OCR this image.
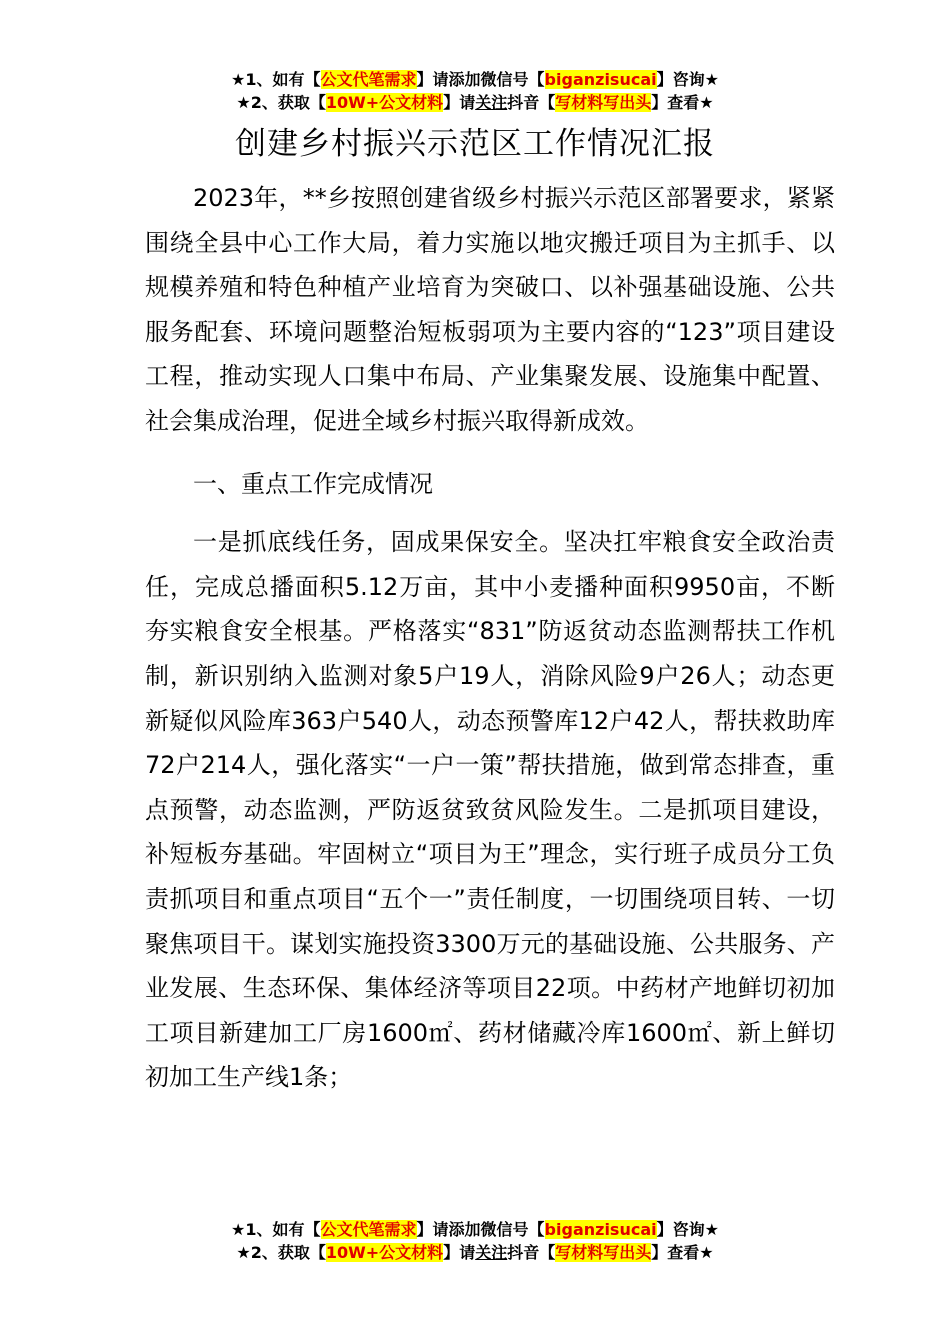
★1、如有【公文代笔需求】请添加微信号【biganzisucai】咨询★
★2、获取【10W+公文材料】请关注抖音【写材料写出头】查看★
创建乡村振兴示范区工作情况汇报

2023年，**乡按照创建省级乡村振兴示范区部署要求，紧紧围绕全县中心工作大局，着力实施以地灾搬迁项目为主抓手、以规模养殖和特色种植产业培育为突破口、以补强基础设施、公共服务配套、环境问题整治短板弱项为主要内容的“123”项目建设工程，推动实现人口集中布局、产业集聚发展、设施集中配置、社会集成治理，促进全域乡村振兴取得新成效。

一、重点工作完成情况

一是抓底线任务，固成果保安全。坚决扛牢粮食安全政治责任，完成总播面积5.12万亩，其中小麦播种面积9950亩，不断夯实粮食安全根基。严格落实“831”防返贫动态监测帮扶工作机制，新识别纳入监测对象5户19人，消除风险9户26人；动态更新疑似风险库363户540人，动态预警库12户42人，帮扶救助库72户214人，强化落实“一户一策”帮扶措施，做到常态排查，重点预警，动态监测，严防返贫致贫风险发生。二是抓项目建设，补短板夯基础。牢固树立“项目为王”理念，实行班子成员分工负责抓项目和重点项目“五个一”责任制度，一切围绕项目转、一切聚焦项目干。谋划实施投资3300万元的基础设施、公共服务、产业发展、生态环保、集体经济等项目22项。中药材产地鲜切初加工项目新建加工厂房1600㎡、药材储藏冷库1600㎡、新上鲜切初加工生产线1条；

★1、如有【公文代笔需求】请添加微信号【biganzisucai】咨询★
★2、获取【10W+公文材料】请关注抖音【写材料写出头】查看★
